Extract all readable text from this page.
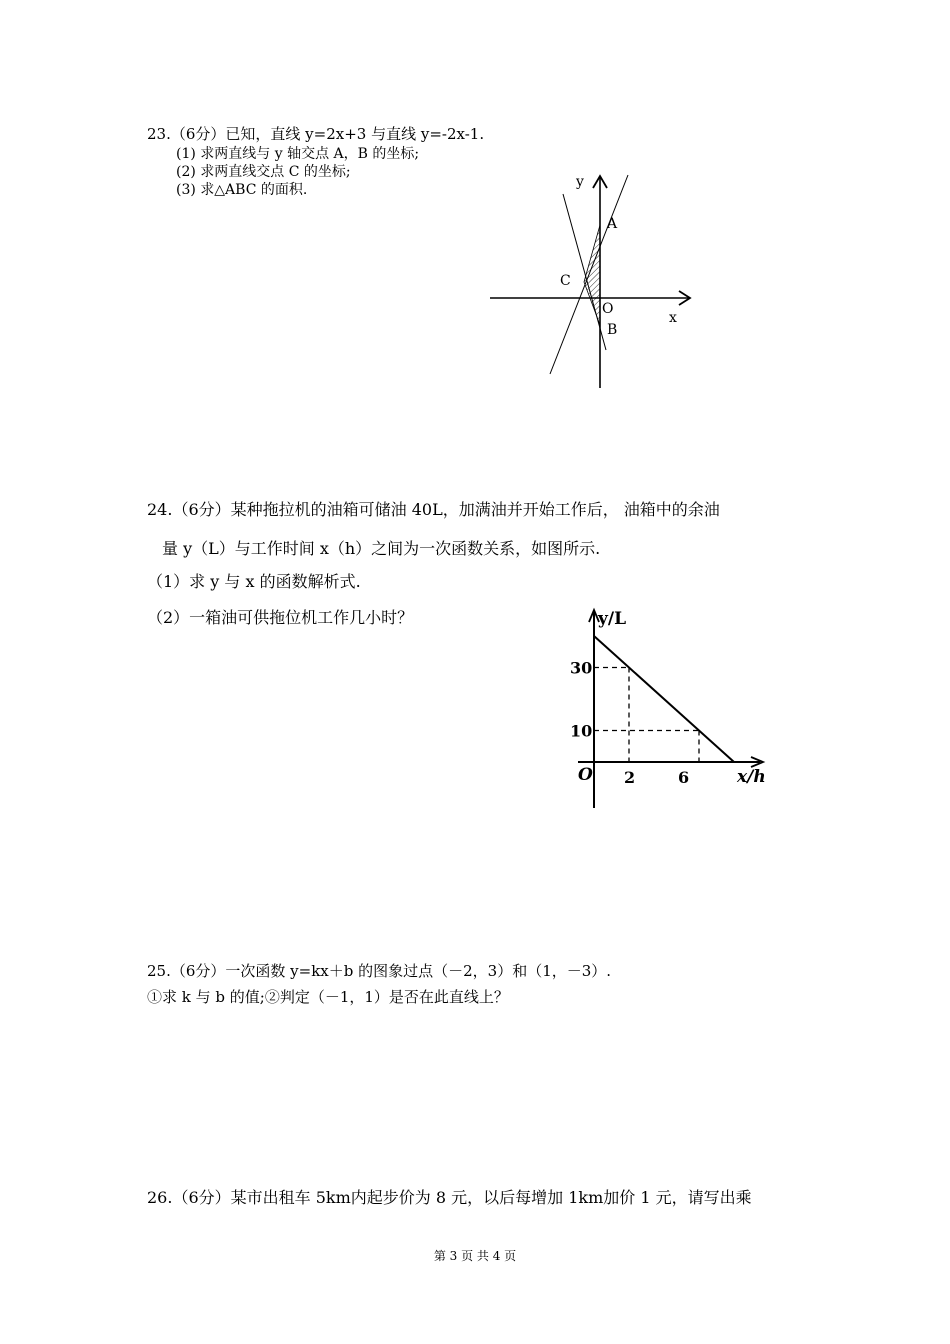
23.（6分）已知，直线 y=2x+3 与直线 y=-2x-1.
(1) 求两直线与 y 轴交点 A，B 的坐标;
(2) 求两直线交点 C 的坐标;
(3) 求△ABC 的面积.	y
x
A
B
C
O
24.（6分）某种拖拉机的油箱可储油 40L，加满油并开始工作后， 油箱中的余油
量 y（L）与工作时间 x（h）之间为一次函数关系，如图所示.
（1）求 y 与 x 的函数解析式.
（2）一箱油可供拖位机工作几小时？	y/L
x/h
O
30
10
2	6
25.（6分）一次函数 y=kx＋b 的图象过点（－2，3）和（1，－3）.
①求 k 与 b 的值;②判定（－1，1）是否在此直线上？
26.（6分）某市出租车 5km内起步价为 8 元，以后每增加 1km加价 1 元，请写出乘
第 3 页 共 4 页
